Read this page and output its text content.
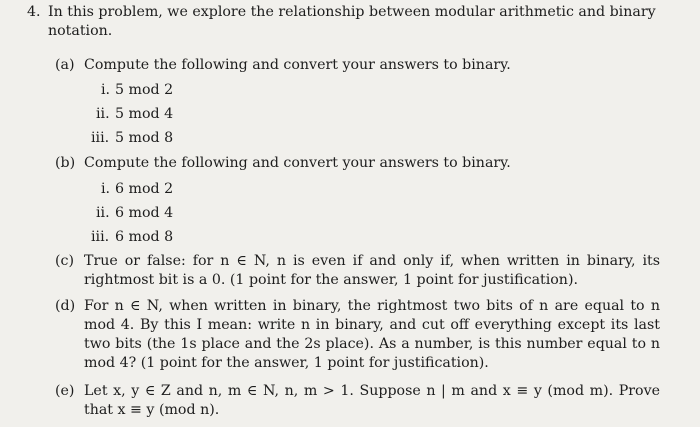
4. In this problem, we explore the relationship between modular arithmetic and binary
notation.
(a) Compute the following and convert your answers to binary.
i. 5 mod 2
ii. 5 mod 4
iii. 5 mod 8
(b) Compute the following and convert your answers to binary.
i. 6 mod 2
ii. 6 mod 4
iii. 6 mod 8
(c) True or false: for n ∈ N, n is even if and only if, when written in binary, its
rightmost bit is a 0. (1 point for the answer, 1 point for justification).
(d) For n ∈ N, when written in binary, the rightmost two bits of n are equal to n
mod 4. By this I mean: write n in binary, and cut off everything except its last
two bits (the 1s place and the 2s place). As a number, is this number equal to n
mod 4? (1 point for the answer, 1 point for justification).
(e) Let x, y ∈ Z and n, m ∈ N, n, m > 1. Suppose n | m and x ≡ y (mod m). Prove
that x ≡ y (mod n).
